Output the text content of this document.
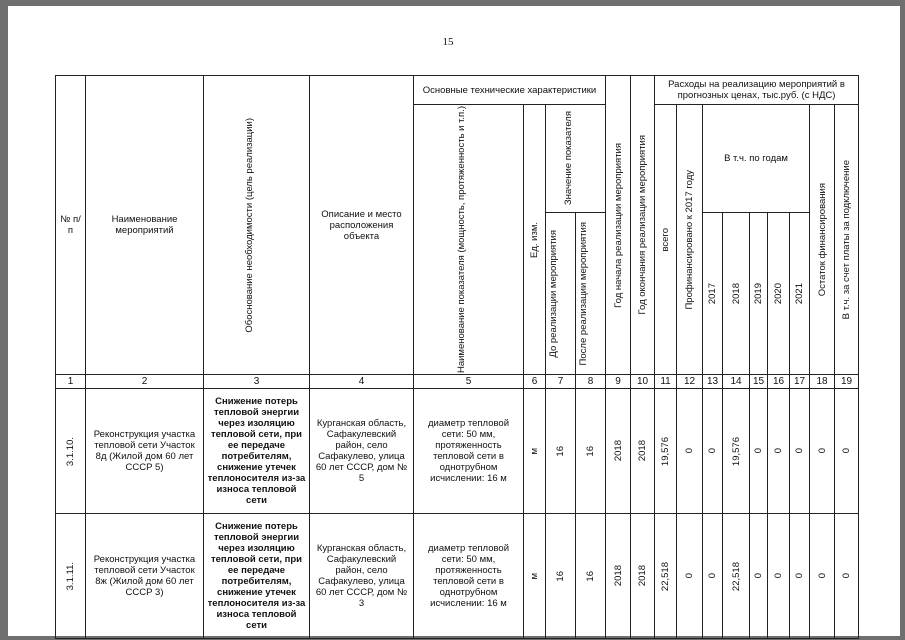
15
№ п/п	Наименование мероприятий	Обоснование необходимости (цель реализации)	Описание и место расположения объекта	Основные технические характеристики				Год начала реализации мероприятия	Год окончания реализации мероприятия	Расходы на реализацию мероприятий в прогнозных ценах, тыс.руб. (с НДС)								

				Наименование показателя (мощность, протяженность и т.п.)	Ед. изм.	Значение показателя				всего	Профинансировано к 2017 году	В т.ч. по годам					Остаток финансирования	В т.ч. за счет платы за подключение

						До реализации мероприятия	После реализации мероприятия					2017	2018	2019	2020	2021		

1	2	3	4	5	6	7	8	9	10	11	12	13	14	15	16	17	18	19

3.1.10.	Реконструкция участка тепловой сети Участок 8д (Жилой дом 60 лет СССР 5)	Снижение потерь тепловой энергии через изоляцию тепловой сети, при ее передаче потребителям, снижение утечек теплоносителя из-за износа тепловой сети	Курганская область, Сафакулевский район, село Сафакулево, улица 60 лет СССР, дом № 5	диаметр тепловой сети: 50 мм, протяженность тепловой сети в однотрубном исчислении: 16 м	м	16	16	2018	2018	19,576	0	0	19,576	0	0	0	0	0

3.1.11.	Реконструкция участка тепловой сети Участок 8ж (Жилой дом 60 лет СССР 3)	Снижение потерь тепловой энергии через изоляцию тепловой сети, при ее передаче потребителям, снижение утечек теплоносителя из-за износа тепловой сети	Курганская область, Сафакулевский район, село Сафакулево, улица 60 лет СССР, дом № 3	диаметр тепловой сети: 50 мм, протяженность тепловой сети в однотрубном исчислении: 16 м	м	16	16	2018	2018	22,518	0	0	22,518	0	0	0	0	0
